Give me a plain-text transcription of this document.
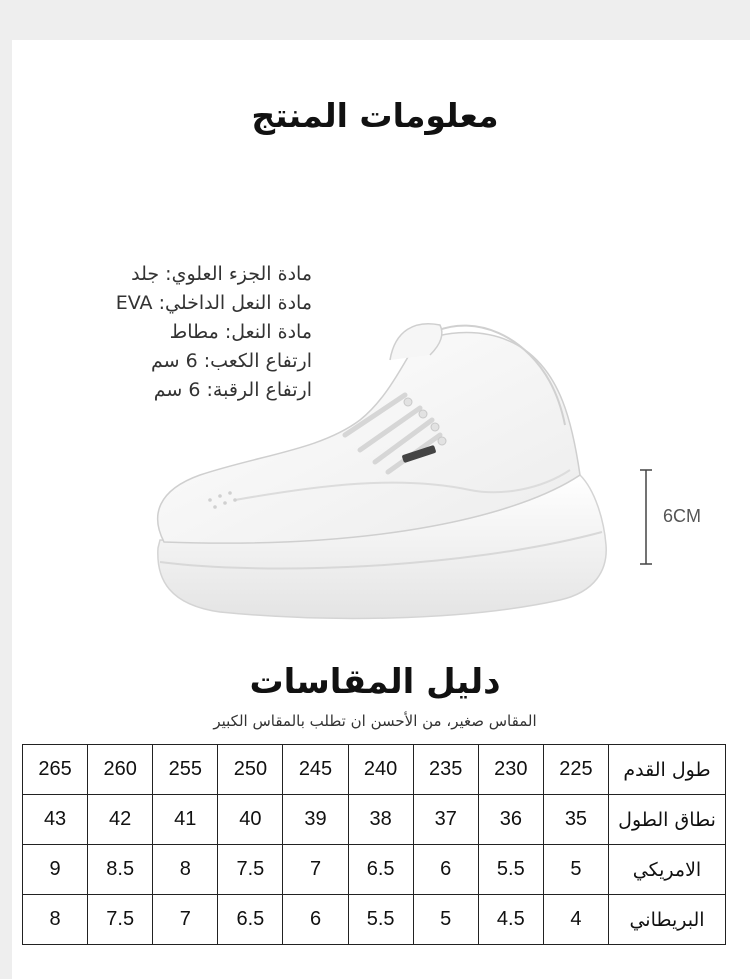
معلومات المنتج
مادة الجزء العلوي: جلد
مادة النعل الداخلي: EVA
مادة النعل: مطاط
ارتفاع الكعب: 6 سم
ارتفاع الرقبة: 6 سم
6CM
دليل المقاسات
المقاس صغير، من الأحسن ان تطلب بالمقاس الكبير
طول القدم	225	230	235	240	245	250	255	260	265
نطاق الطول	35	36	37	38	39	40	41	42	43
الامريكي	5	5.5	6	6.5	7	7.5	8	8.5	9
البريطاني	4	4.5	5	5.5	6	6.5	7	7.5	8
